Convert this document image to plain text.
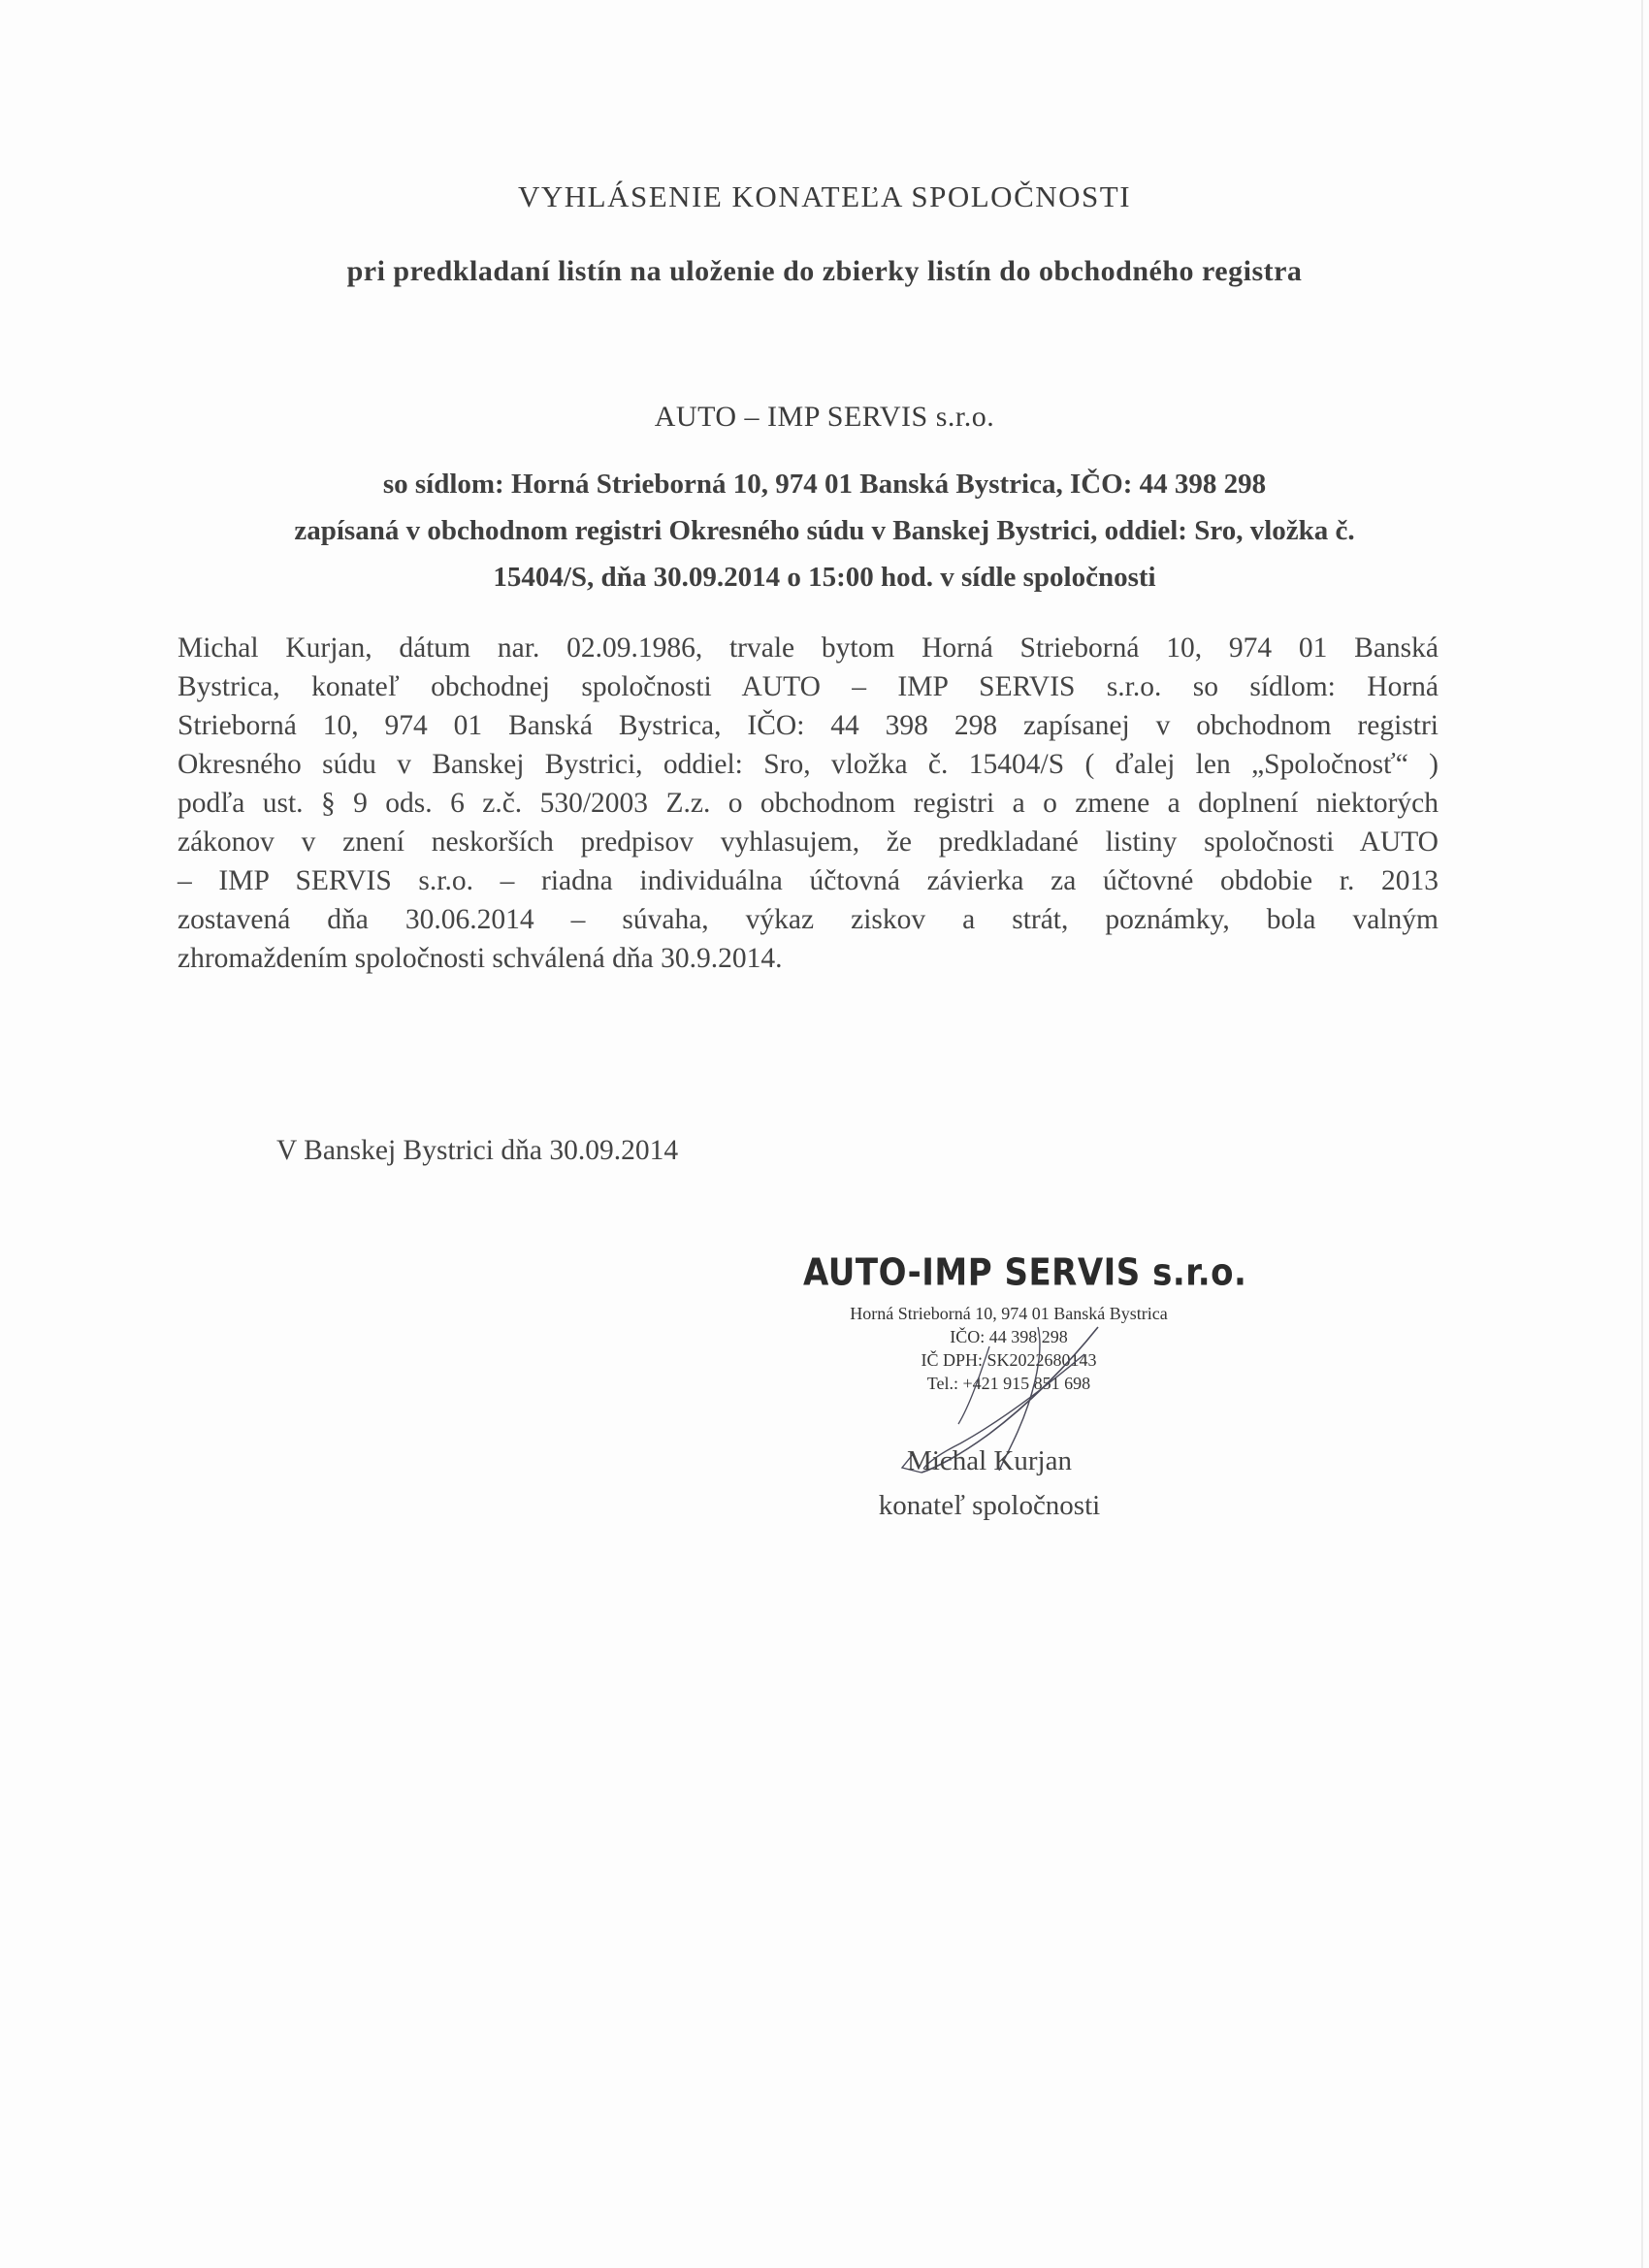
VYHLÁSENIE KONATEĽA SPOLOČNOSTI
pri predkladaní listín na uloženie do zbierky listín do obchodného registra
AUTO – IMP SERVIS s.r.o.
so sídlom: Horná Strieborná 10, 974 01 Banská Bystrica, IČO: 44 398 298
zapísaná v obchodnom registri Okresného súdu v Banskej Bystrici, oddiel: Sro, vložka č.
15404/S, dňa 30.09.2014 o 15:00 hod. v sídle spoločnosti
Michal Kurjan, dátum nar. 02.09.1986, trvale bytom Horná Strieborná 10, 974 01 Banská
Bystrica, konateľ obchodnej spoločnosti AUTO – IMP SERVIS s.r.o. so sídlom: Horná
Strieborná 10, 974 01 Banská Bystrica, IČO: 44 398 298 zapísanej v obchodnom registri
Okresného súdu v Banskej Bystrici, oddiel: Sro, vložka č. 15404/S ( ďalej len „Spoločnosť“ )
podľa ust. § 9 ods. 6 z.č. 530/2003 Z.z. o obchodnom registri a o zmene a doplnení niektorých
zákonov v znení neskorších predpisov vyhlasujem, že predkladané listiny spoločnosti AUTO
– IMP SERVIS s.r.o. – riadna individuálna účtovná závierka za účtovné obdobie r. 2013
zostavená dňa 30.06.2014 – súvaha, výkaz ziskov a strát, poznámky, bola valným
zhromaždením spoločnosti schválená dňa 30.9.2014.
V Banskej Bystrici dňa 30.09.2014
AUTO-IMP SERVIS s.r.o.
Horná Strieborná 10, 974 01 Banská Bystrica
IČO: 44 398 298
IČ DPH: SK2022680143
Tel.: +421 915 851 698
Michal Kurjan
konateľ spoločnosti
